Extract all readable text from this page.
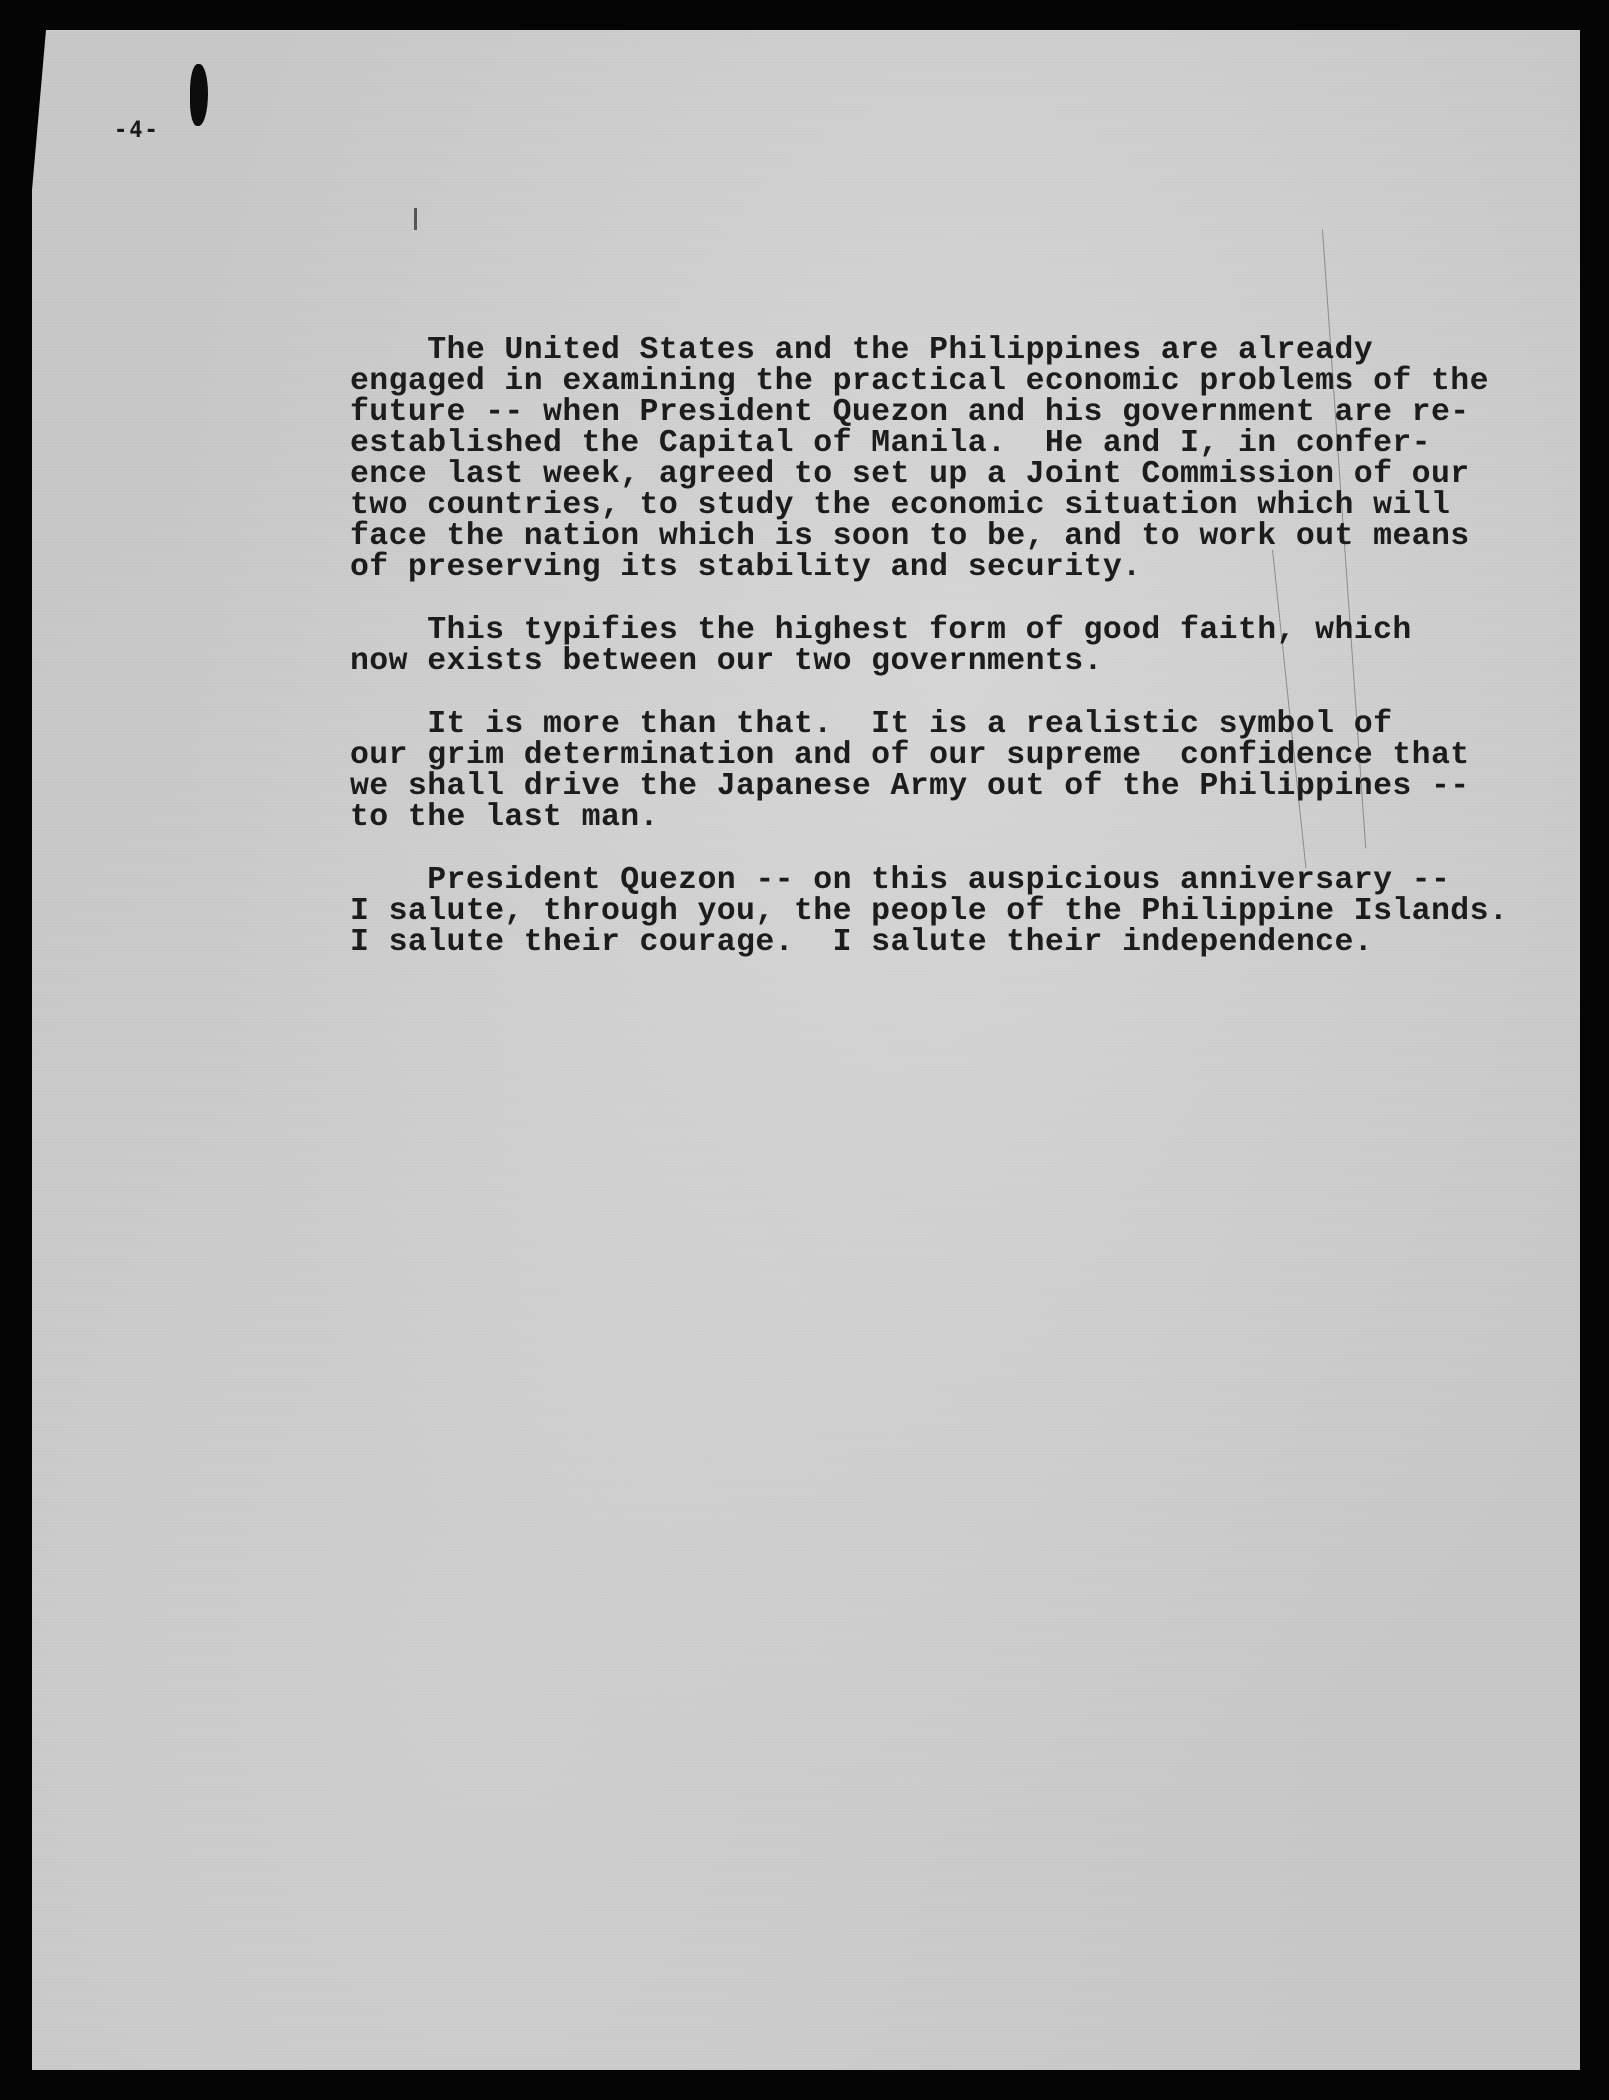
-4-
The United States and the Philippines are already
engaged in examining the practical economic problems of the
future -- when President Quezon and his government are re-
established the Capital of Manila.  He and I, in confer-
ence last week, agreed to set up a Joint Commission of our
two countries, to study the economic situation which will
face the nation which is soon to be, and to work out means
of preserving its stability and security.
This typifies the highest form of good faith, which
now exists between our two governments.
It is more than that.  It is a realistic symbol of
our grim determination and of our supreme  confidence that
we shall drive the Japanese Army out of the Philippines --
to the last man.
President Quezon -- on this auspicious anniversary --
I salute, through you, the people of the Philippine Islands.
I salute their courage.  I salute their independence.
